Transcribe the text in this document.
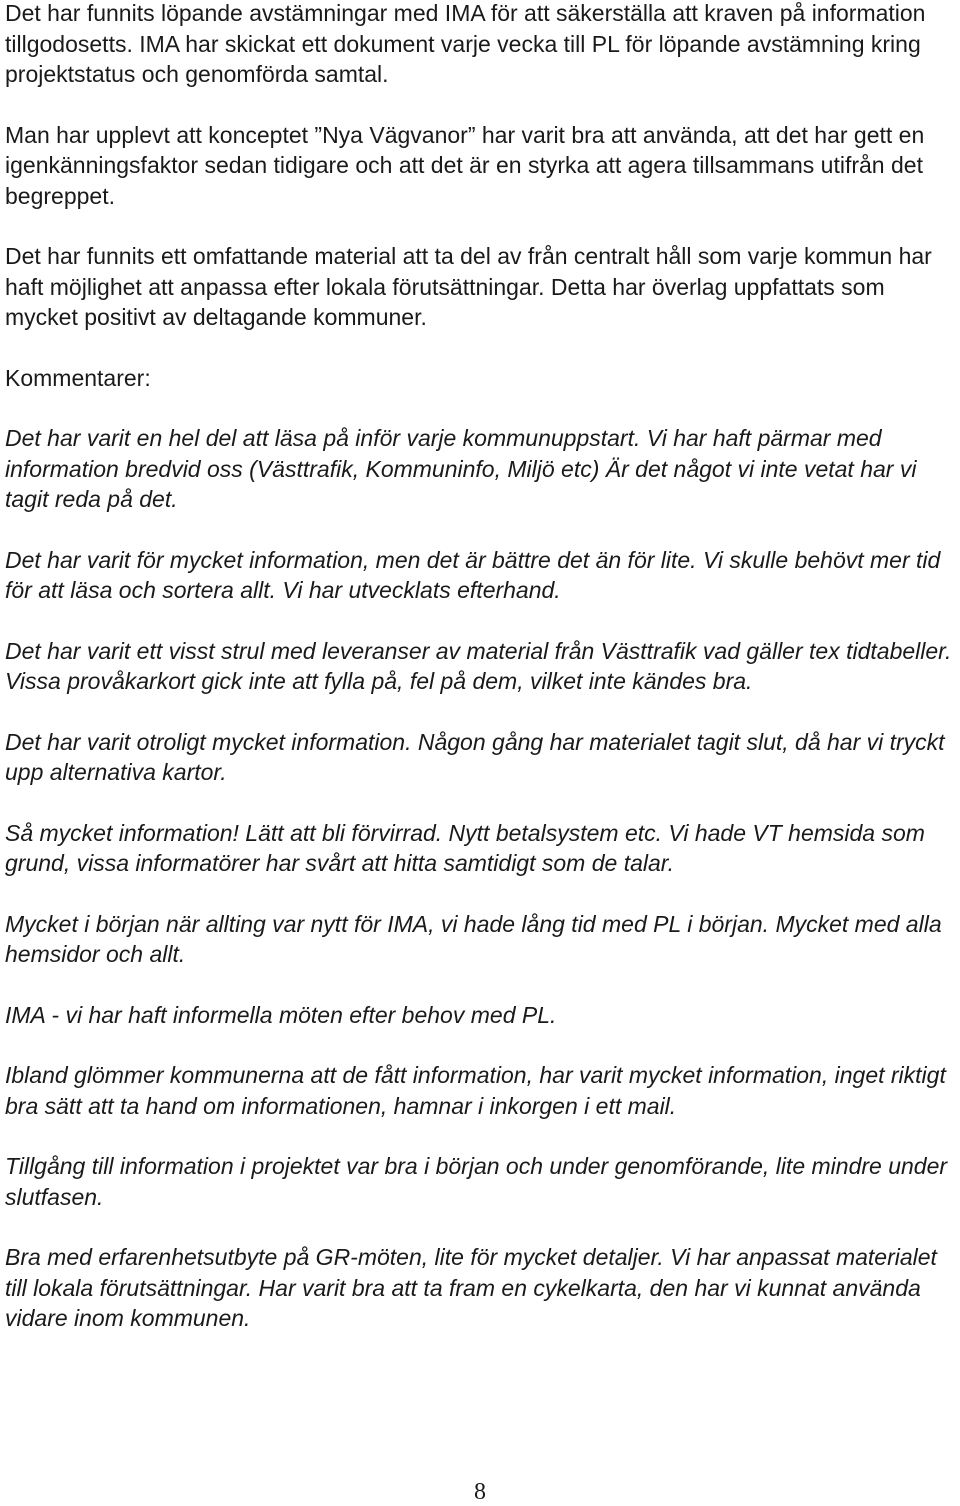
Det har funnits löpande avstämningar med IMA för att säkerställa att kraven på information tillgodosetts. IMA har skickat ett dokument varje vecka till PL för löpande avstämning kring projektstatus och genomförda samtal.

Man har upplevt att konceptet ”Nya Vägvanor” har varit bra att använda, att det har gett en igenkänningsfaktor sedan tidigare och att det är en styrka att agera tillsammans utifrån det begreppet.

Det har funnits ett omfattande material att ta del av från centralt håll som varje kommun har haft möjlighet att anpassa efter lokala förutsättningar. Detta har överlag uppfattats som mycket positivt av deltagande kommuner.

Kommentarer:

Det har varit en hel del att läsa på inför varje kommunuppstart. Vi har haft pärmar med information bredvid oss (Västtrafik, Kommuninfo, Miljö etc) Är det något vi inte vetat har vi tagit reda på det.

Det har varit för mycket information, men det är bättre det än för lite. Vi skulle behövt mer tid för att läsa och sortera allt. Vi har utvecklats efterhand.

Det har varit ett visst strul med leveranser av material från Västtrafik vad gäller tex tidtabeller. Vissa provåkarkort gick inte att fylla på, fel på dem, vilket inte kändes bra.

Det har varit otroligt mycket information. Någon gång har materialet tagit slut, då har vi tryckt upp alternativa kartor.

Så mycket information! Lätt att bli förvirrad. Nytt betalsystem etc. Vi hade VT hemsida som grund, vissa informatörer har svårt att hitta samtidigt som de talar.

Mycket i början när allting var nytt för IMA, vi hade lång tid med PL i början. Mycket med alla hemsidor och allt.

IMA - vi har haft informella möten efter behov med PL.

Ibland glömmer kommunerna att de fått information, har varit mycket information, inget riktigt bra sätt att ta hand om informationen, hamnar i inkorgen i ett mail.

Tillgång till information i projektet var bra i början och under genomförande, lite mindre under slutfasen.

Bra med erfarenhetsutbyte på GR-möten, lite för mycket detaljer. Vi har anpassat materialet till lokala förutsättningar. Har varit bra att ta fram en cykelkarta, den har vi kunnat använda vidare inom kommunen.

8
